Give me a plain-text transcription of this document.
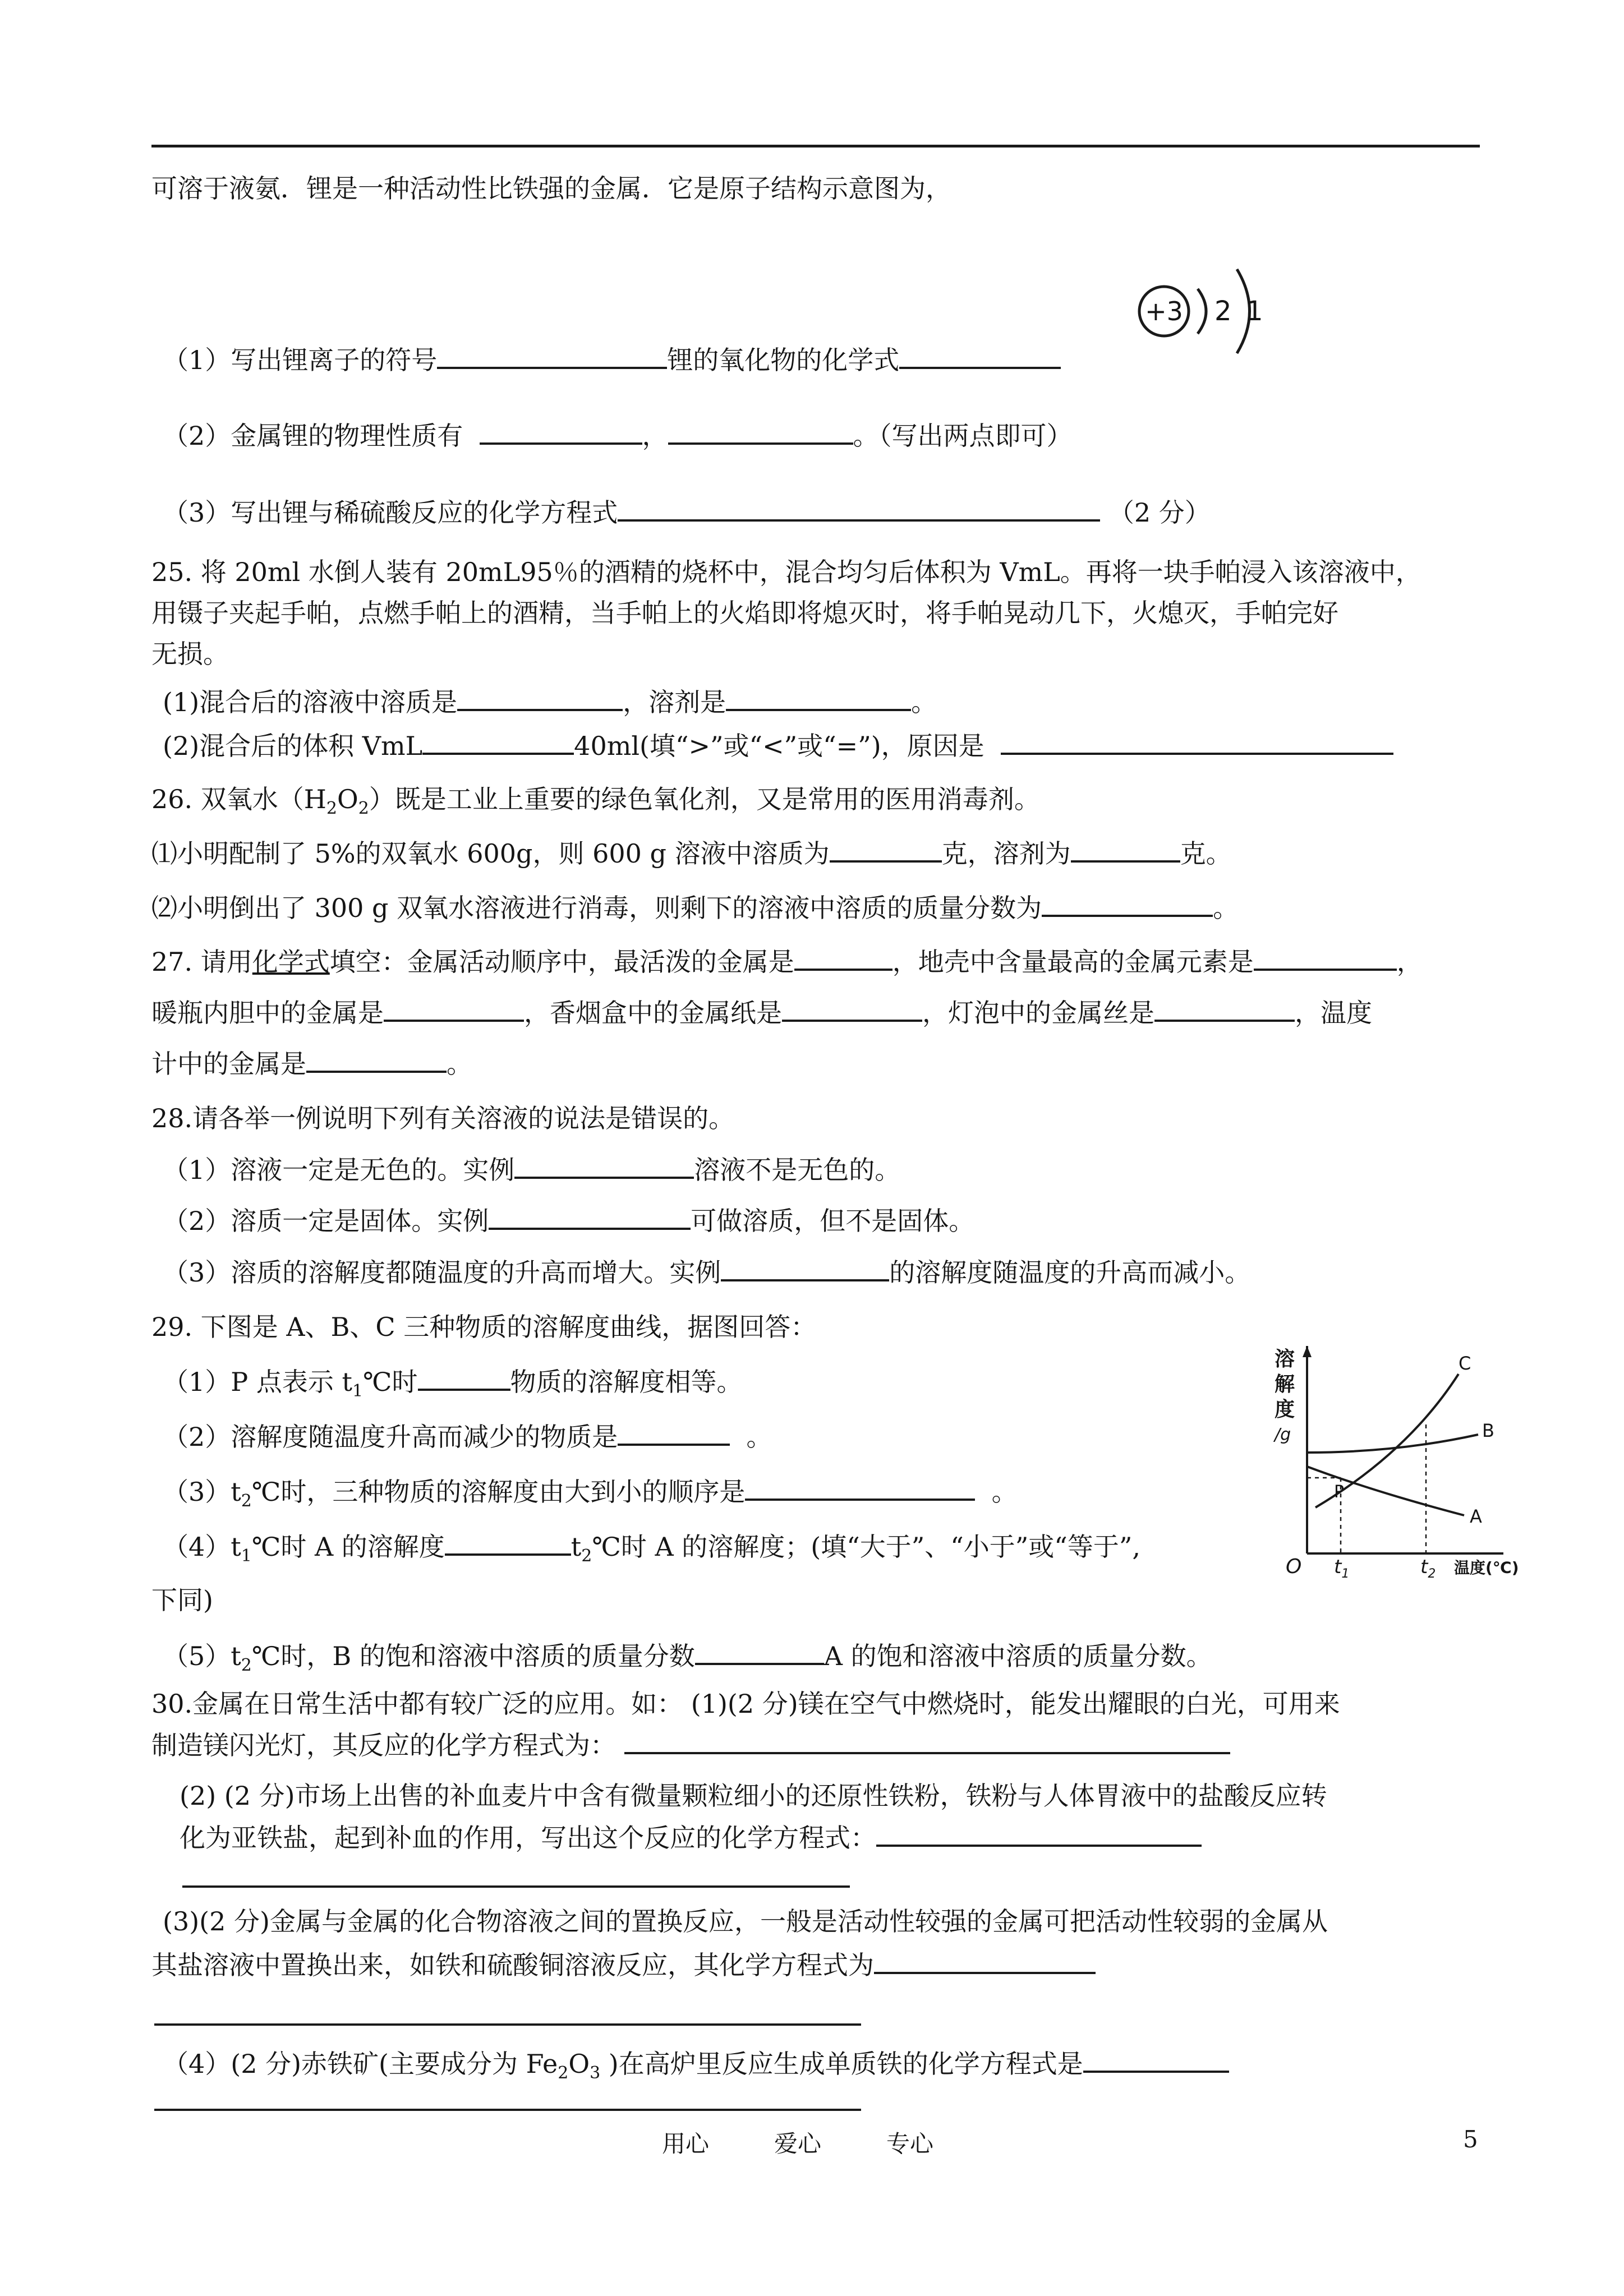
可溶于液氨．锂是一种活动性比铁强的金属．它是原子结构示意图为，
+3 2 1
（1）写出锂离子的符号	锂的氧化物的化学式
（2）金属锂的物理性质有	，	。（写出两点即可）
（3）写出锂与稀硫酸反应的化学方程式	（2 分）
25. 将 20ml 水倒人装有 20mL95％的酒精的烧杯中，混合均匀后体积为 VmL。再将一块手帕浸入该溶液中，
用镊子夹起手帕，点燃手帕上的酒精，当手帕上的火焰即将熄灭时，将手帕晃动几下，火熄灭，手帕完好
无损。
(1)混合后的溶液中溶质是	，溶剂是	。
(2)混合后的体积 VmL	40ml(填“>”或“<”或“=”)，原因是
26. 双氧水$(H_2O_2)$既是工业上重要的绿色氧化剂，又是常用的医用消毒剂。
⑴小明配制了 5%的双氧水 600g，则 600 g 溶液中溶质为	克，溶剂为	克。
⑵小明倒出了 300 g 双氧水溶液进行消毒，则剩下的溶液中溶质的质量分数为	。
27. 请用化学式填空：金属活动顺序中，最活泼的金属是	，地壳中含量最高的金属元素是	，
暖瓶内胆中的金属是	，香烟盒中的金属纸是	，灯泡中的金属丝是	，温度
计中的金属是	。
28.请各举一例说明下列有关溶液的说法是错误的。
（1）溶液一定是无色的。实例	溶液不是无色的。
（2）溶质一定是固体。实例	可做溶质，但不是固体。
（3）溶质的溶解度都随温度的升高而增大。实例	的溶解度随温度的升高而减小。
29. 下图是 A、B、C 三种物质的溶解度曲线，据图回答：
（1）P 点表示 $t_1℃$时	物质的溶解度相等。
（2）溶解度随温度升高而减少的物质是	。
$(3)t_2℃$时，三种物质的溶解度由大到小的顺序是	。
$(4)t_1℃$时 A 的溶解度	$t_2℃$时 A 的溶解度；(填“大于”、“小于”或“等于”,
下同)
$(5)t_2℃$时，B 的饱和溶液中溶质的质量分数	A 的饱和溶液中溶质的质量分数。
溶
解
度
/g
O $t_1$	$t_2$ 温度(℃)
P
A
B
C
30.金属在日常生活中都有较广泛的应用。如： (1)(2 分)镁在空气中燃烧时，能发出耀眼的白光，可用来
制造镁闪光灯，其反应的化学方程式为：
(2) (2 分)市场上出售的补血麦片中含有微量颗粒细小的还原性铁粉，铁粉与人体胃液中的盐酸反应转
化为亚铁盐，起到补血的作用，写出这个反应的化学方程式：
(3)(2 分)金属与金属的化合物溶液之间的置换反应，一般是活动性较强的金属可把活动性较弱的金属从
其盐溶液中置换出来，如铁和硫酸铜溶液反应，其化学方程式为
（4）(2 分)赤铁矿(主要成分为 $Fe_2O_3$ )在高炉里反应生成单质铁的化学方程式是
用心	爱心	专心	5
